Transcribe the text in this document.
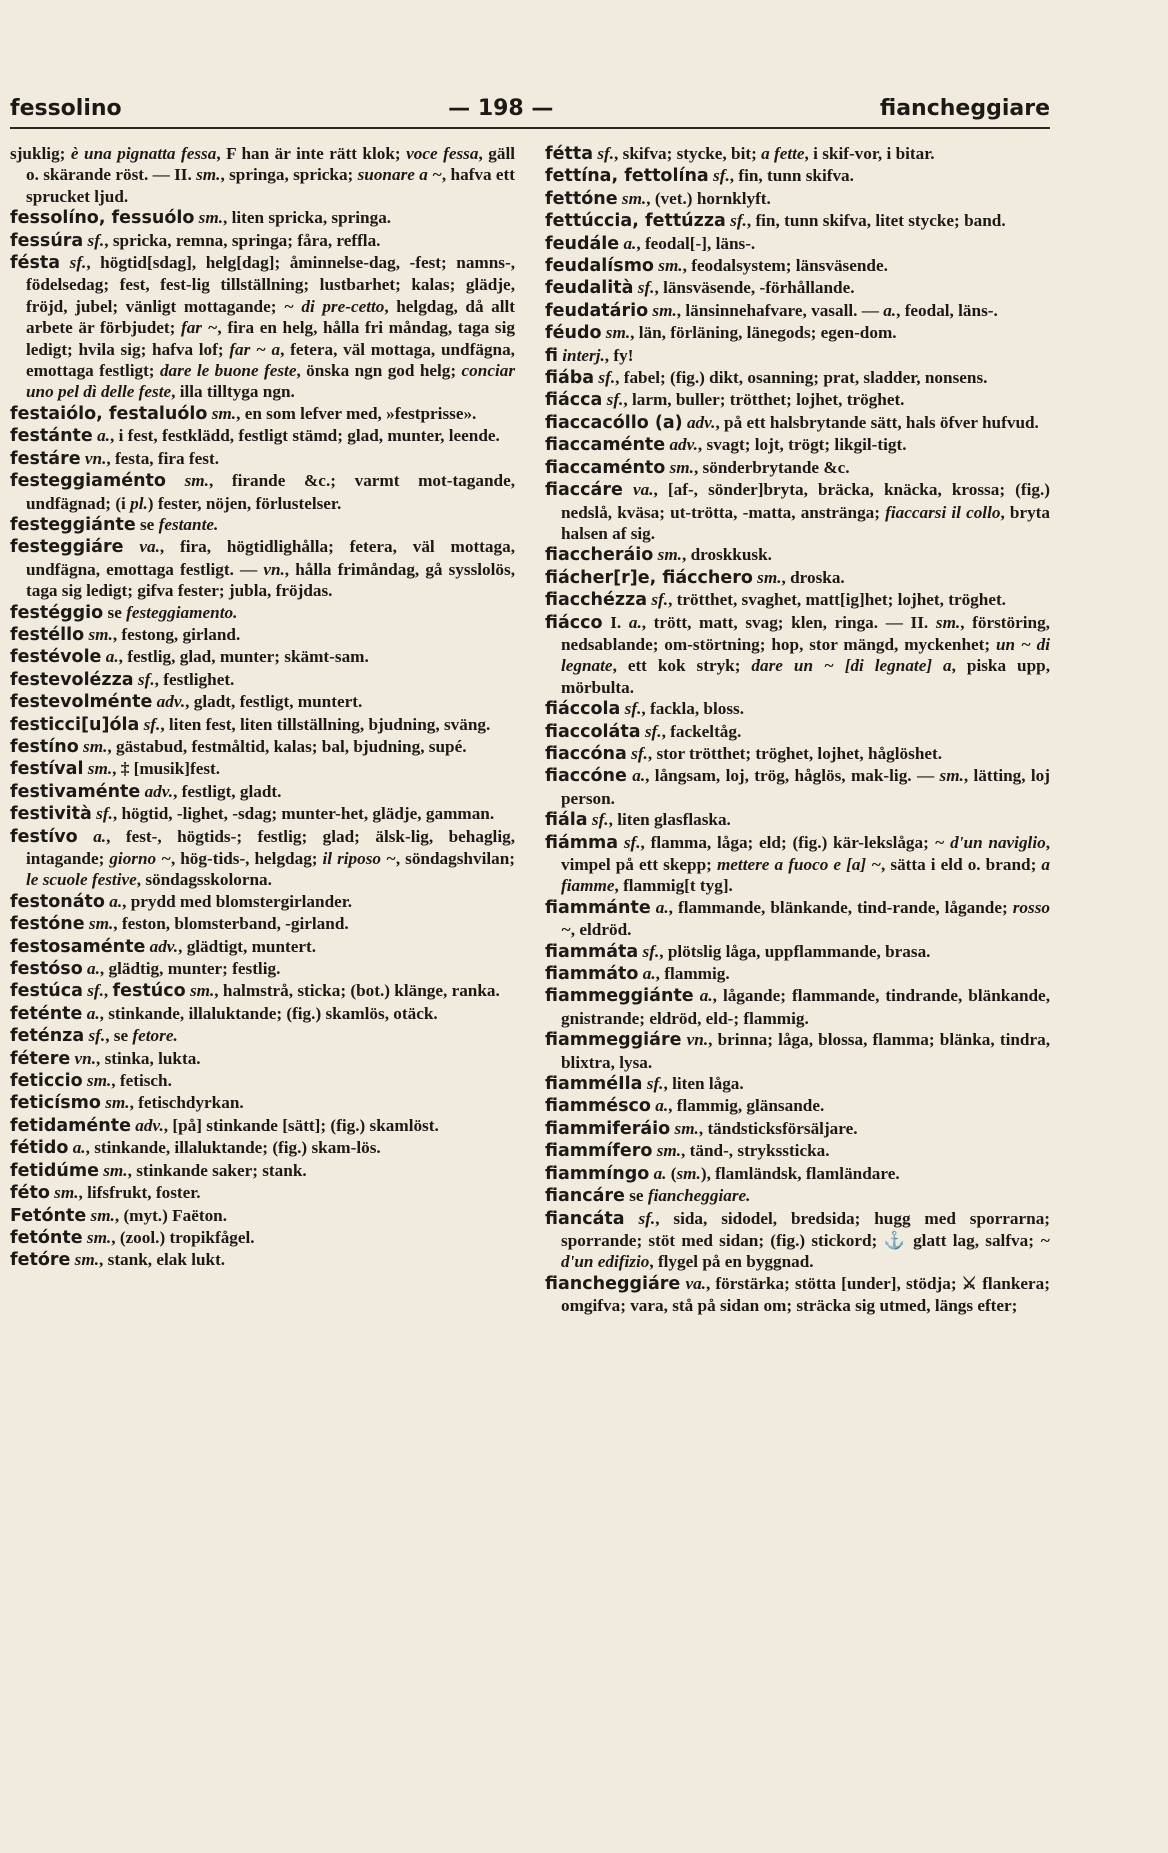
fessolino	— 198 —	fiancheggiare

sjuklig; è una pignatta fessa, F han är inte rätt klok; voce fessa, gäll o. skärande röst. — II. sm., springa, spricka; suonare a ~, hafva ett sprucket ljud.

fessolíno, fessuólo sm., liten spricka, springa.

fessúra sf., spricka, remna, springa; fåra, reffla.

fésta sf., högtid[sdag], helg[dag]; åminnelse-dag, -fest; namns-, födelsedag; fest, fest-lig tillställning; lustbarhet; kalas; glädje, fröjd, jubel; vänligt mottagande; ~ di pre-cetto, helgdag, då allt arbete är förbjudet; far ~, fira en helg, hålla fri måndag, taga sig ledigt; hvila sig; hafva lof; far ~ a, fetera, väl mottaga, undfägna, emottaga festligt; dare le buone feste, önska ngn god helg; conciar uno pel dì delle feste, illa tilltyga ngn.

festaiólo, festaluólo sm., en som lefver med, »festprisse».

festánte a., i fest, festklädd, festligt stämd; glad, munter, leende.

festáre vn., festa, fira fest.

festeggiaménto sm., firande &c.; varmt mot-tagande, undfägnad; (i pl.) fester, nöjen, förlustelser.

festeggiánte se festante.

festeggiáre va., fira, högtidlighålla; fetera, väl mottaga, undfägna, emottaga festligt. — vn., hålla frimåndag, gå sysslolös, taga sig ledigt; gifva fester; jubla, fröjdas.

festéggio se festeggiamento.

festéllo sm., festong, girland.

festévole a., festlig, glad, munter; skämt-sam.

festevolézza sf., festlighet.

festevolménte adv., gladt, festligt, muntert.

festicci[u]óla sf., liten fest, liten tillställning, bjudning, sväng.

festíno sm., gästabud, festmåltid, kalas; bal, bjudning, supé.

festíval sm., ‡ [musik]fest.

festivaménte adv., festligt, gladt.

festività sf., högtid, -lighet, -sdag; munter-het, glädje, gamman.

festívo a., fest-, högtids-; festlig; glad; älsk-lig, behaglig, intagande; giorno ~, hög-tids-, helgdag; il riposo ~, söndagshvilan; le scuole festive, söndagsskolorna.

festonáto a., prydd med blomstergirlander.

festóne sm., feston, blomsterband, -girland.

festosaménte adv., glädtigt, muntert.

festóso a., glädtig, munter; festlig.

festúca sf., festúco sm., halmstrå, sticka; (bot.) klänge, ranka.

feténte a., stinkande, illaluktande; (fig.) skamlös, otäck.

feténza sf., se fetore.

fétere vn., stinka, lukta.

feticcio sm., fetisch.

feticísmo sm., fetischdyrkan.

fetidaménte adv., [på] stinkande [sätt]; (fig.) skamlöst.

fétido a., stinkande, illaluktande; (fig.) skam-lös.

fetidúme sm., stinkande saker; stank.

féto sm., lifsfrukt, foster.

Fetónte sm., (myt.) Faëton.

fetónte sm., (zool.) tropikfågel.

fetóre sm., stank, elak lukt.

fétta sf., skifva; stycke, bit; a fette, i skif-vor, i bitar.

fettína, fettolína sf., fin, tunn skifva.

fettóne sm., (vet.) hornklyft.

fettúccia, fettúzza sf., fin, tunn skifva, litet stycke; band.

feudále a., feodal[-], läns-.

feudalísmo sm., feodalsystem; länsväsende.

feudalità sf., länsväsende, -förhållande.

feudatário sm., länsinnehafvare, vasall. — a., feodal, läns-.

féudo sm., län, förläning, länegods; egen-dom.

fi interj., fy!

fiába sf., fabel; (fig.) dikt, osanning; prat, sladder, nonsens.

fiácca sf., larm, buller; trötthet; lojhet, tröghet.

fiaccacóllo (a) adv., på ett halsbrytande sätt, hals öfver hufvud.

fiaccaménte adv., svagt; lojt, trögt; likgil-tigt.

fiaccaménto sm., sönderbrytande &c.

fiaccáre va., [af-, sönder]bryta, bräcka, knäcka, krossa; (fig.) nedslå, kväsa; ut-trötta, -matta, anstränga; fiaccarsi il collo, bryta halsen af sig.

fiaccheráio sm., droskkusk.

fiácher[r]e, fiácchero sm., droska.

fiacchézza sf., trötthet, svaghet, matt[ig]het; lojhet, tröghet.

fiácco I. a., trött, matt, svag; klen, ringa. — II. sm., förstöring, nedsablande; om-störtning; hop, stor mängd, myckenhet; un ~ di legnate, ett kok stryk; dare un ~ [di legnate] a, piska upp, mörbulta.

fiáccola sf., fackla, bloss.

fiaccoláta sf., fackeltåg.

fiaccóna sf., stor trötthet; tröghet, lojhet, håglöshet.

fiaccóne a., långsam, loj, trög, håglös, mak-lig. — sm., lätting, loj person.

fiála sf., liten glasflaska.

fiámma sf., flamma, låga; eld; (fig.) kär-lekslåga; ~ d'un naviglio, vimpel på ett skepp; mettere a fuoco e [a] ~, sätta i eld o. brand; a fiamme, flammig[t tyg].

fiammánte a., flammande, blänkande, tind-rande, lågande; rosso ~, eldröd.

fiammáta sf., plötslig låga, uppflammande, brasa.

fiammáto a., flammig.

fiammeggiánte a., lågande; flammande, tindrande, blänkande, gnistrande; eldröd, eld-; flammig.

fiammeggiáre vn., brinna; låga, blossa, flamma; blänka, tindra, blixtra, lysa.

fiamméIla sf., liten låga.

fiamméscо a., flammig, glänsande.

fiammiferáio sm., tändsticksförsäljare.

fiammífero sm., tänd-, strykssticka.

fiammíngo a. (sm.), flamländsk, flamländare.

fiancáre se fiancheggiare.

fiancáta sf., sida, sidodel, bredsida; hugg med sporrarna; sporrande; stöt med sidan; (fig.) stickord; ⚓ glatt lag, salfva; ~ d'un edifizio, flygel på en byggnad.

fiancheggiáre va., förstärka; stötta [under], stödja; ⚔ flankera; omgifva; vara, stå på sidan om; sträcka sig utmed, längs efter;
